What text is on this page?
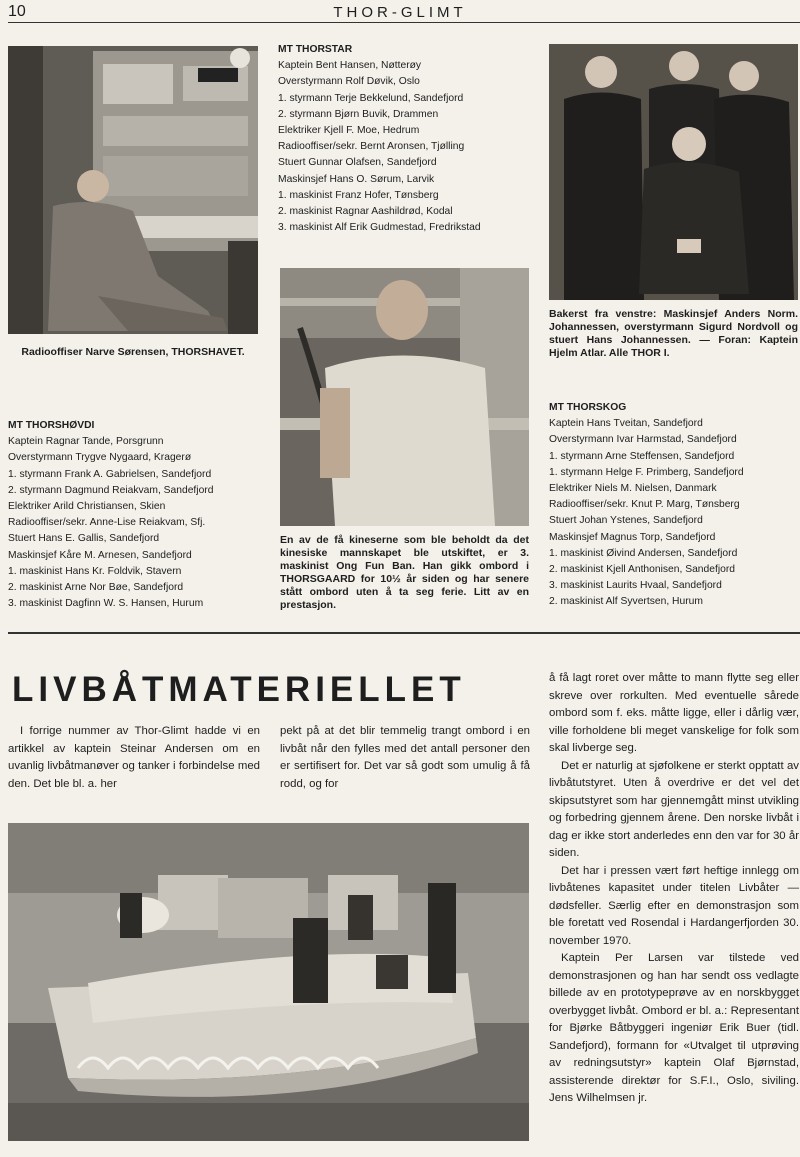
10	THOR-GLIMT
Radiooffiser Narve Sørensen, THORSHAVET.
MT THORSTAR
Kaptein Bent Hansen, Nøtterøy
Overstyrmann Rolf Døvik, Oslo
1. styrmann Terje Bekkelund, Sandefjord
2. styrmann Bjørn Buvik, Drammen
Elektriker Kjell F. Moe, Hedrum
Radiooffiser/sekr. Bernt Aronsen, Tjølling
Stuert Gunnar Olafsen, Sandefjord
Maskinsjef Hans O. Sørum, Larvik
1. maskinist Franz Hofer, Tønsberg
2. maskinist Ragnar Aashildrød, Kodal
3. maskinist Alf Erik Gudmestad, Fredrikstad
Bakerst fra venstre: Maskinsjef Anders Norm. Johannessen, overstyrmann Sigurd Nordvoll og stuert Hans Johannessen. — Foran: Kaptein Hjelm Atlar. Alle THOR I.
En av de få kineserne som ble beholdt da det kinesiske mannskapet ble utskiftet, er 3. maskinist Ong Fun Ban. Han gikk ombord i THORSGAARD for 10½ år siden og har senere stått ombord uten å ta seg ferie. Litt av en prestasjon.
MT THORSHØVDI
Kaptein Ragnar Tande, Porsgrunn
Overstyrmann Trygve Nygaard, Kragerø
1. styrmann Frank A. Gabrielsen, Sandefjord
2. styrmann Dagmund Reiakvam, Sandefjord
Elektriker Arild Christiansen, Skien
Radiooffiser/sekr. Anne-Lise Reiakvam, Sfj.
Stuert Hans E. Gallis, Sandefjord
Maskinsjef Kåre M. Arnesen, Sandefjord
1. maskinist Hans Kr. Foldvik, Stavern
2. maskinist Arne Nor Bøe, Sandefjord
3. maskinist Dagfinn W. S. Hansen, Hurum
MT THORSKOG
Kaptein Hans Tveitan, Sandefjord
Overstyrmann Ivar Harmstad, Sandefjord
1. styrmann Arne Steffensen, Sandefjord
1. styrmann Helge F. Primberg, Sandefjord
Elektriker Niels M. Nielsen, Danmark
Radiooffiser/sekr. Knut P. Marg, Tønsberg
Stuert Johan Ystenes, Sandefjord
Maskinsjef Magnus Torp, Sandefjord
1. maskinist Øivind Andersen, Sandefjord
2. maskinist Kjell Anthonisen, Sandefjord
3. maskinist Laurits Hvaal, Sandefjord
2. maskinist Alf Syvertsen, Hurum
LIVBÅTMATERIELLET

I forrige nummer av Thor-Glimt hadde vi en artikkel av kaptein Steinar Andersen om en uvanlig livbåtmanøver og tanker i forbindelse med den. Det ble bl. a. her

pekt på at det blir temmelig trangt ombord i en livbåt når den fylles med det antall personer den er sertifisert for. Det var så godt som umulig å få rodd, og for

å få lagt roret over måtte to mann flytte seg eller skreve over rorkulten. Med eventuelle sårede ombord som f. eks. måtte ligge, eller i dårlig vær, ville forholdene bli meget vanskelige for folk som skal livberge seg.

Det er naturlig at sjøfolkene er sterkt opptatt av livbåtutstyret. Uten å overdrive er det vel det skipsutstyret som har gjennemgått minst utvikling og forbedring gjennem årene. Den norske livbåt i dag er ikke stort anderledes enn den var for 30 år siden.

Det har i pressen vært ført heftige innlegg om livbåtenes kapasitet under titelen Livbåter — dødsfeller. Særlig efter en demonstrasjon som ble foretatt ved Rosendal i Hardangerfjorden 30. november 1970.

Kaptein Per Larsen var tilstede ved demonstrasjonen og han har sendt oss vedlagte billede av en prototypeprøve av en norskbygget overbygget livbåt. Ombord er bl. a.: Representant for Bjørke Båtbyggeri ingeniør Erik Buer (tidl. Sandefjord), formann for «Utvalget til utprøving av redningsutstyr» kaptein Olaf Bjørnstad, assisterende direktør for S.F.I., Oslo, siviling. Jens Wilhelmsen jr.
